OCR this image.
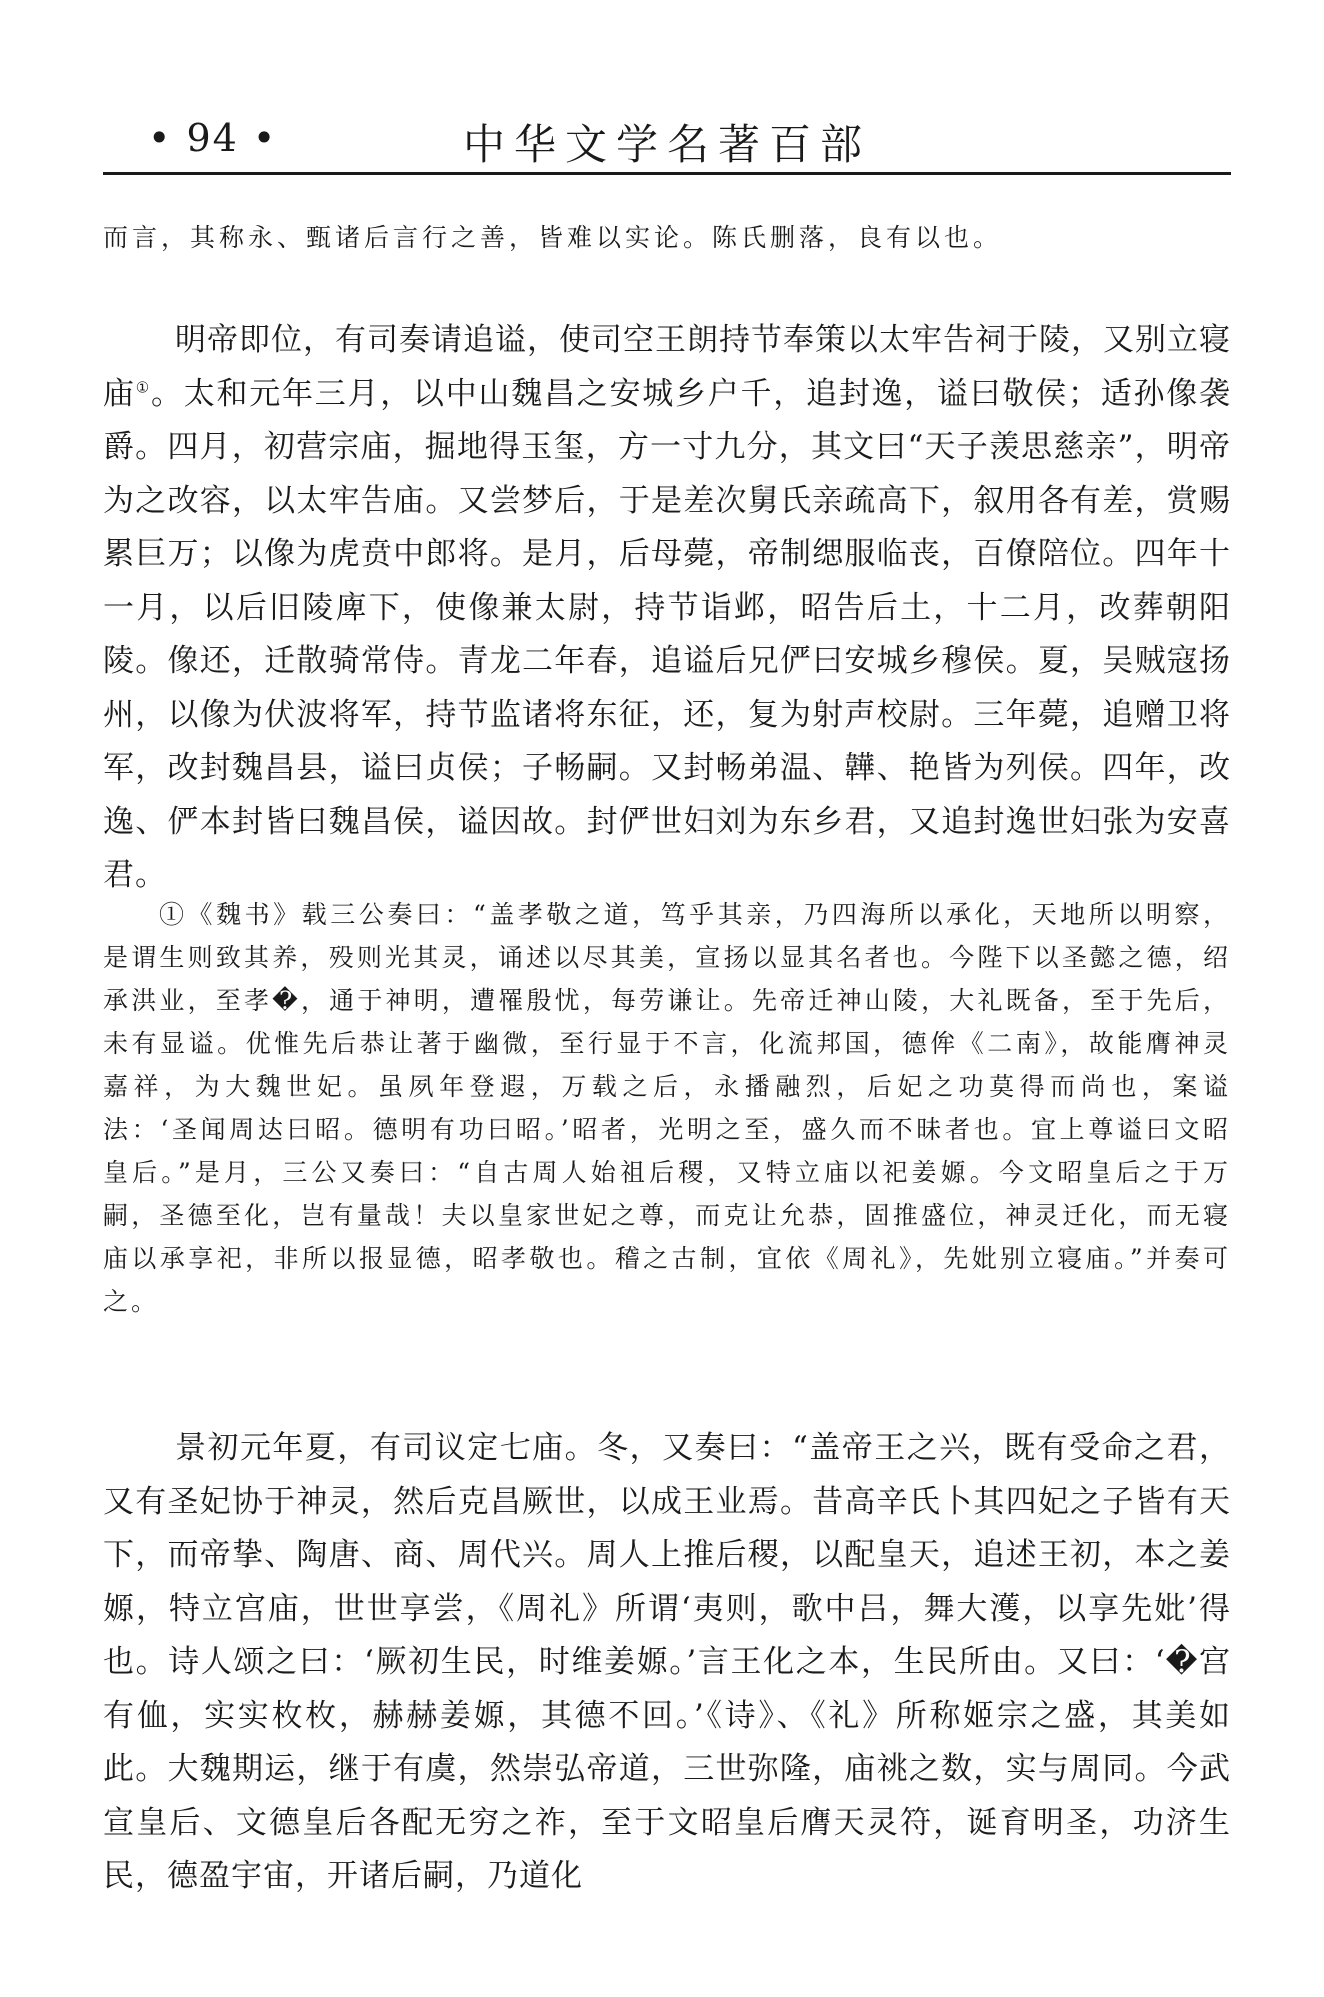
• 94 •	中华文学名著百部
而言，其称永、甄诸后言行之善，皆难以实论。陈氏删落，良有以也。

明帝即位，有司奏请追谥，使司空王朗持节奉策以太牢告祠于陵，又别立寝庙①。太和元年三月，以中山魏昌之安城乡户千，追封逸，谥曰敬侯；适孙像袭爵。四月，初营宗庙，掘地得玉玺，方一寸九分，其文曰“天子羡思慈亲”，明帝为之改容，以太牢告庙。又尝梦后，于是差次舅氏亲疏高下，叙用各有差，赏赐累巨万；以像为虎贲中郎将。是月，后母薨，帝制缌服临丧，百僚陪位。四年十一月，以后旧陵庳下，使像兼太尉，持节诣邺，昭告后土，十二月，改葬朝阳陵。像还，迁散骑常侍。青龙二年春，追谥后兄俨曰安城乡穆侯。夏，吴贼寇扬州，以像为伏波将军，持节监诸将东征，还，复为射声校尉。三年薨，追赠卫将军，改封魏昌县，谥曰贞侯；子畅嗣。又封畅弟温、韡、艳皆为列侯。四年，改逸、俨本封皆曰魏昌侯，谥因故。封俨世妇刘为东乡君，又追封逸世妇张为安喜君。

①《魏书》载三公奏曰：“盖孝敬之道，笃乎其亲，乃四海所以承化，天地所以明察，是谓生则致其养，殁则光其灵，诵述以尽其美，宣扬以显其名者也。今陛下以圣懿之德，绍承洪业，至孝�，通于神明，遭罹殷忧，每劳谦让。先帝迁神山陵，大礼既备，至于先后，未有显谥。优惟先后恭让著于幽微，至行显于不言，化流邦国，德侔《二南》，故能膺神灵嘉祥，为大魏世妃。虽夙年登遐，万载之后，永播融烈，后妃之功莫得而尚也，案谥法：‘圣闻周达曰昭。德明有功曰昭。’昭者，光明之至，盛久而不昧者也。宜上尊谥曰文昭皇后。”是月，三公又奏曰：“自古周人始祖后稷，又特立庙以祀姜嫄。今文昭皇后之于万嗣，圣德至化，岂有量哉！夫以皇家世妃之尊，而克让允恭，固推盛位，神灵迁化，而无寝庙以承享祀，非所以报显德，昭孝敬也。稽之古制，宜依《周礼》，先妣别立寝庙。”并奏可之。

景初元年夏，有司议定七庙。冬，又奏曰：“盖帝王之兴，既有受命之君，又有圣妃协于神灵，然后克昌厥世，以成王业焉。昔高辛氏卜其四妃之子皆有天下，而帝挚、陶唐、商、周代兴。周人上推后稷，以配皇天，追述王初，本之姜嫄，特立宫庙，世世享尝，《周礼》所谓‘夷则，歌中吕，舞大濩，以享先妣’得也。诗人颂之曰：‘厥初生民，时维姜嫄。’言王化之本，生民所由。又曰：‘�宫有侐，实实枚枚，赫赫姜嫄，其德不回。’《诗》、《礼》所称姬宗之盛，其美如此。大魏期运，继于有虞，然崇弘帝道，三世弥隆，庙祧之数，实与周同。今武宣皇后、文德皇后各配无穷之祚，至于文昭皇后膺天灵符，诞育明圣，功济生民，德盈宇宙，开诸后嗣，乃道化
